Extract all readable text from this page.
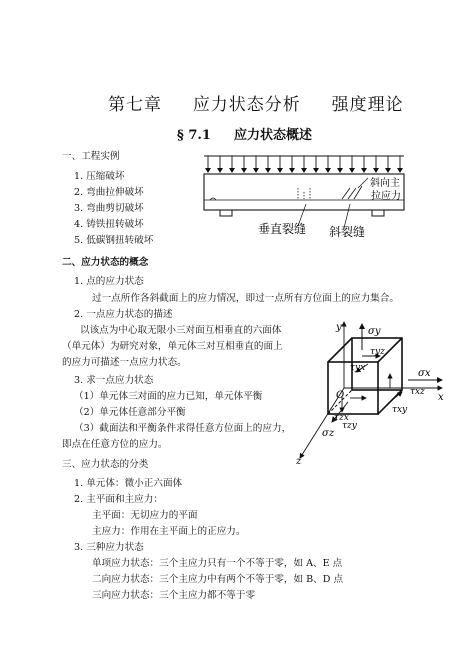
第七章 应力状态分析 强度理论
§ 7.1 应力状态概述
一、工程实例
1. 压缩破坏
2. 弯曲拉伸破坏
3. 弯曲剪切破坏
4. 铸铁扭转破坏
5. 低碳钢扭转破坏
斜向主
拉应力
垂直裂缝 斜裂缝
二、应力状态的概念
1. 点的应力状态
过一点所作各斜截面上的应力情况，即过一点所有方位面上的应力集合。
2. 一点应力状态的描述
以该点为中心取无限小三对面互相垂直的六面体
（单元体）为研究对象，单元体三对互相垂直的面上
的应力可描述一点应力状态。
3. 求一点应力状态
（1）单元体三对面的应力已知，单元体平衡
（2）单元体任意部分平衡
（3）截面法和平衡条件求得任意方位面上的应力，
即点在任意方位的应力。
y
x
z
O
σy
σx
σz
τyz
τyx
τzx
τzy
τxz
τxy
三、应力状态的分类
1. 单元体：微小正六面体
2. 主平面和主应力：
主平面：无切应力的平面
主应力：作用在主平面上的正应力。
3. 三种应力状态
单项应力状态：三个主应力只有一个不等于零，如 A、E 点
二向应力状态：三个主应力中有两个不等于零，如 B、D 点
三向应力状态：三个主应力都不等于零
